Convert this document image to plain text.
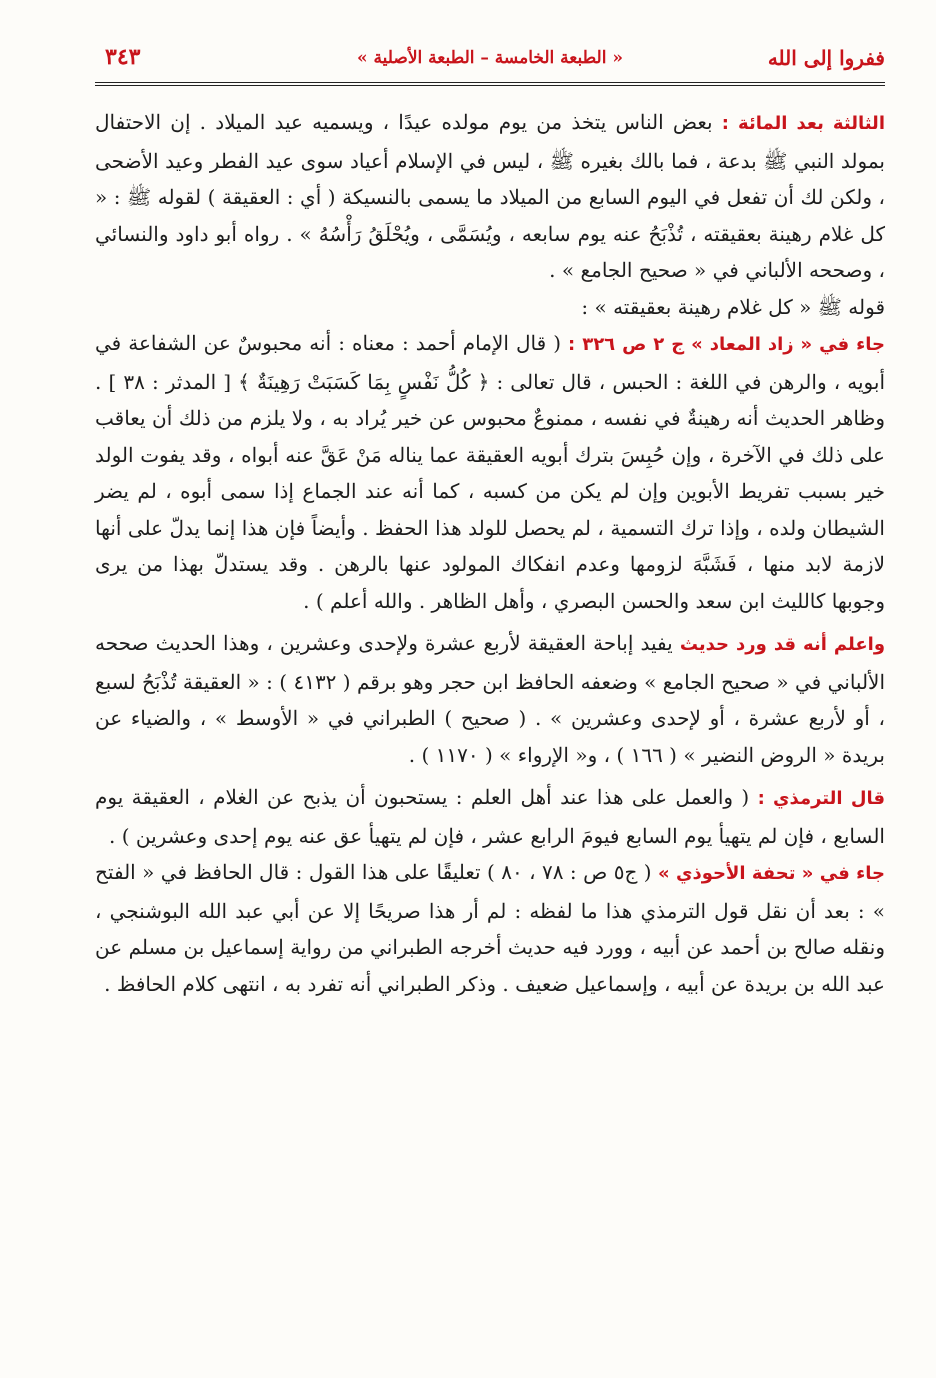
ففروا إلى الله
« الطبعة الخامسة – الطبعة الأصلية »
٣٤٣

الثالثة بعد المائة : بعض الناس يتخذ من يوم مولده عيدًا ، ويسميه عيد الميلاد . إن الاحتفال بمولد النبي ﷺ بدعة ، فما بالك بغيره ﷺ ، ليس في الإسلام أعياد سوى عيد الفطر وعيد الأضحى ، ولكن لك أن تفعل في اليوم السابع من الميلاد ما يسمى بالنسيكة ( أي : العقيقة ) لقوله ﷺ : « كل غلام رهينة بعقيقته ، تُذْبَحُ عنه يوم سابعه ، ويُسَمَّى ، ويُحْلَقُ رَأْسُهُ » . رواه أبو داود والنسائي ، وصححه الألباني في « صحيح الجامع » .

قوله ﷺ « كل غلام رهينة بعقيقته » :

جاء في « زاد المعاد » ج ٢ ص ٣٢٦ : ( قال الإمام أحمد : معناه : أنه محبوسٌ عن الشفاعة في أبويه ، والرهن في اللغة : الحبس ، قال تعالى : ﴿ كُلُّ نَفْسٍ بِمَا كَسَبَتْ رَهِينَةٌ ﴾ [ المدثر : ٣٨ ] . وظاهر الحديث أنه رهينةٌ في نفسه ، ممنوعٌ محبوس عن خير يُراد به ، ولا يلزم من ذلك أن يعاقب على ذلك في الآخرة ، وإن حُبِسَ بترك أبويه العقيقة عما يناله مَنْ عَقَّ عنه أبواه ، وقد يفوت الولد خير بسبب تفريط الأبوين وإن لم يكن من كسبه ، كما أنه عند الجماع إذا سمى أبوه ، لم يضر الشيطان ولده ، وإذا ترك التسمية ، لم يحصل للولد هذا الحفظ . وأيضاً فإن هذا إنما يدلّ على أنها لازمة لابد منها ، فَشَبَّهَ لزومها وعدم انفكاك المولود عنها بالرهن . وقد يستدلّ بهذا من يرى وجوبها كالليث ابن سعد والحسن البصري ، وأهل الظاهر . والله أعلم ) .

واعلم أنه قد ورد حديث يفيد إباحة العقيقة لأربع عشرة ولإحدى وعشرين ، وهذا الحديث صححه الألباني في « صحيح الجامع » وضعفه الحافظ ابن حجر وهو برقم ( ٤١٣٢ ) : « العقيقة تُذْبَحُ لسبع ، أو لأربع عشرة ، أو لإحدى وعشرين » . ( صحيح ) الطبراني في « الأوسط » ، والضياء عن بريدة « الروض النضير » ( ١٦٦ ) ، و« الإرواء » ( ١١٧٠ ) .

قال الترمذي : ( والعمل على هذا عند أهل العلم : يستحبون أن يذبح عن الغلام ، العقيقة يوم السابع ، فإن لم يتهيأ يوم السابع فيومَ الرابع عشر ، فإن لم يتهيأ عق عنه يوم إحدى وعشرين ) .

جاء في « تحفة الأحوذي » ( ج٥ ص : ٧٨ ، ٨٠ ) تعليقًا على هذا القول : قال الحافظ في « الفتح » : بعد أن نقل قول الترمذي هذا ما لفظه : لم أر هذا صريحًا إلا عن أبي عبد الله البوشنجي ، ونقله صالح بن أحمد عن أبيه ، وورد فيه حديث أخرجه الطبراني من رواية إسماعيل بن مسلم عن عبد الله بن بريدة عن أبيه ، وإسماعيل ضعيف . وذكر الطبراني أنه تفرد به ، انتهى كلام الحافظ .
